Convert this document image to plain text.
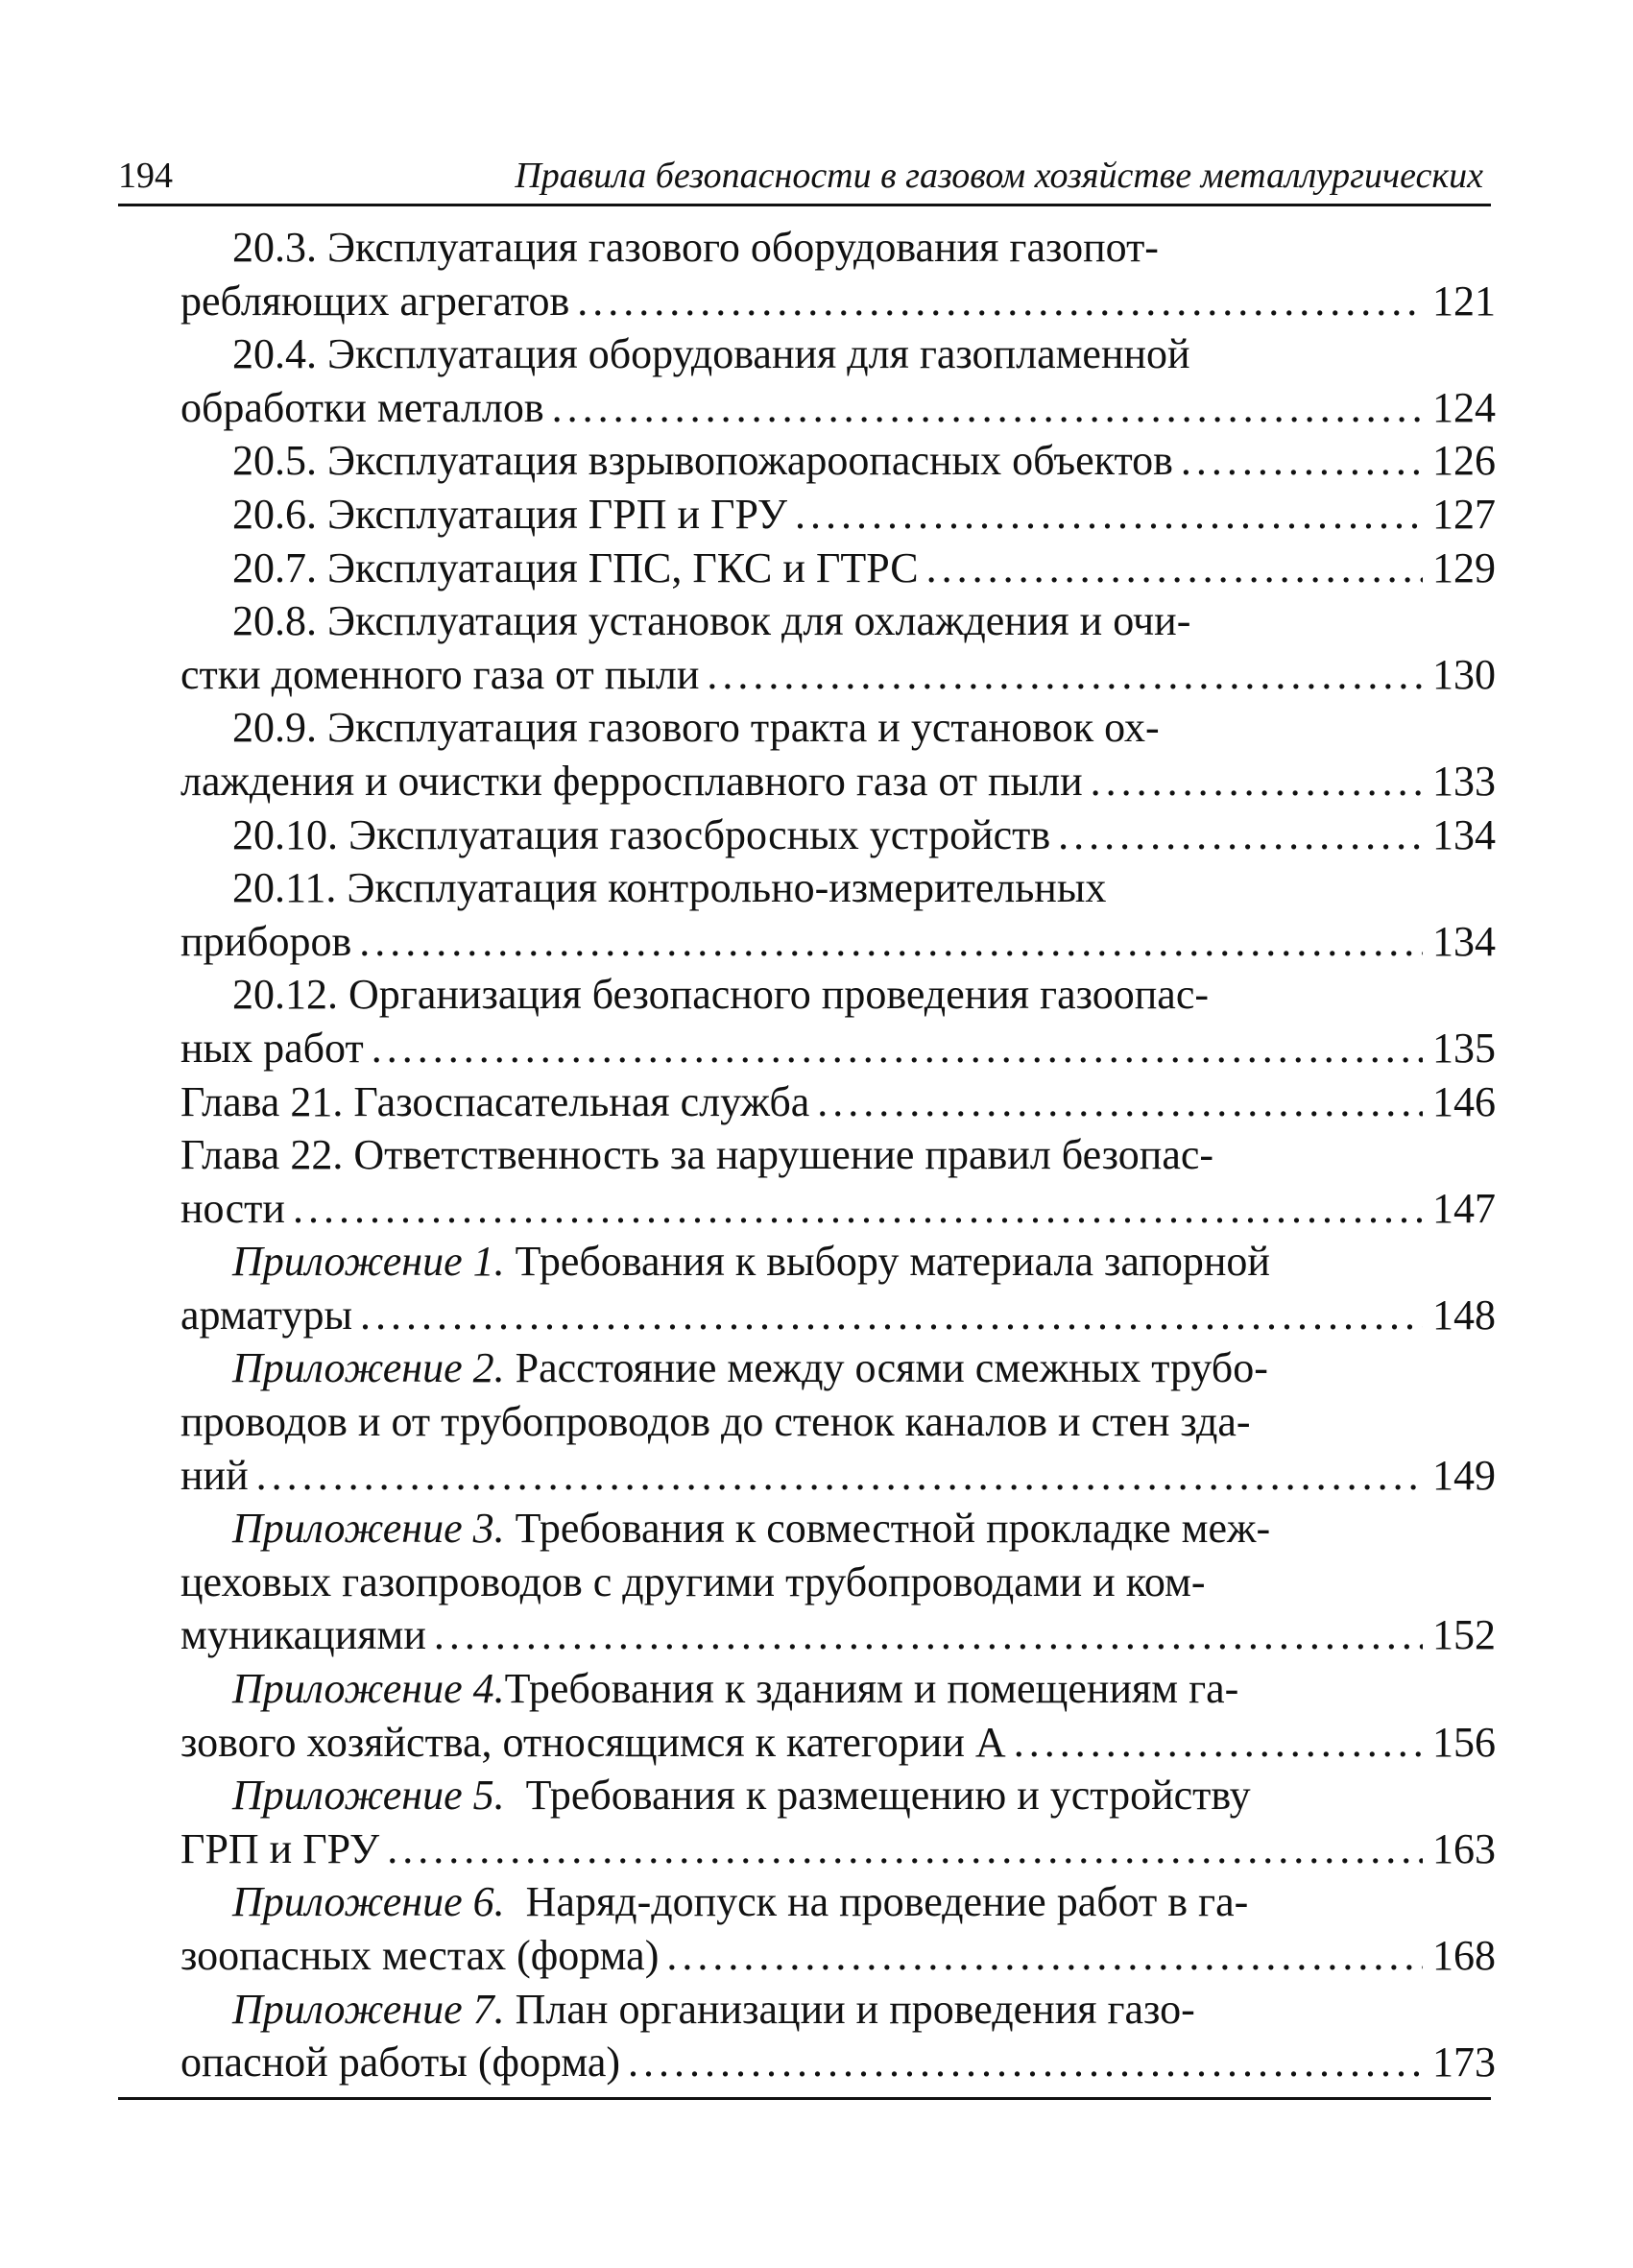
194	Правила безопасности в газовом хозяйстве металлургических
20.3. Эксплуатация газового оборудования газопот-
ребляющих агрегатов . . .	121
20.4. Эксплуатация оборудования для газопламенной
обработки металлов . . .	124
20.5. Эксплуатация взрывопожароопасных объектов . . .	126
20.6. Эксплуатация ГРП и ГРУ . . .	127
20.7. Эксплуатация ГПС, ГКС и ГТРС . . .	129
20.8. Эксплуатация установок для охлаждения и очи-
стки доменного газа от пыли . . .	130
20.9. Эксплуатация газового тракта и установок ох-
лаждения и очистки ферросплавного газа от пыли . . .	133
20.10. Эксплуатация газосбросных устройств . . .	134
20.11. Эксплуатация контрольно-измерительных
приборов . . .	134
20.12. Организация безопасного проведения газоопас-
ных работ . . .	135
Глава 21. Газоспасательная служба . . .	146
Глава 22. Ответственность за нарушение правил безопас-
ности . . .	147
Приложение 1. Требования к выбору материала запорной
арматуры . . .	148
Приложение 2. Расстояние между осями смежных трубо-
проводов и от трубопроводов до стенок каналов и стен зда-
ний . . .	149
Приложение 3. Требования к совместной прокладке меж-
цеховых газопроводов с другими трубопроводами и ком-
муникациями . . .	152
Приложение 4. Требования к зданиям и помещениям га-
зового хозяйства, относящимся к категории А . . .	156
Приложение 5. Требования к размещению и устройству
ГРП и ГРУ . . .	163
Приложение 6. Наряд-допуск на проведение работ в га-
зоопасных местах (форма) . . .	168
Приложение 7. План организации и проведения газо-
опасной работы (форма) . . .	173
